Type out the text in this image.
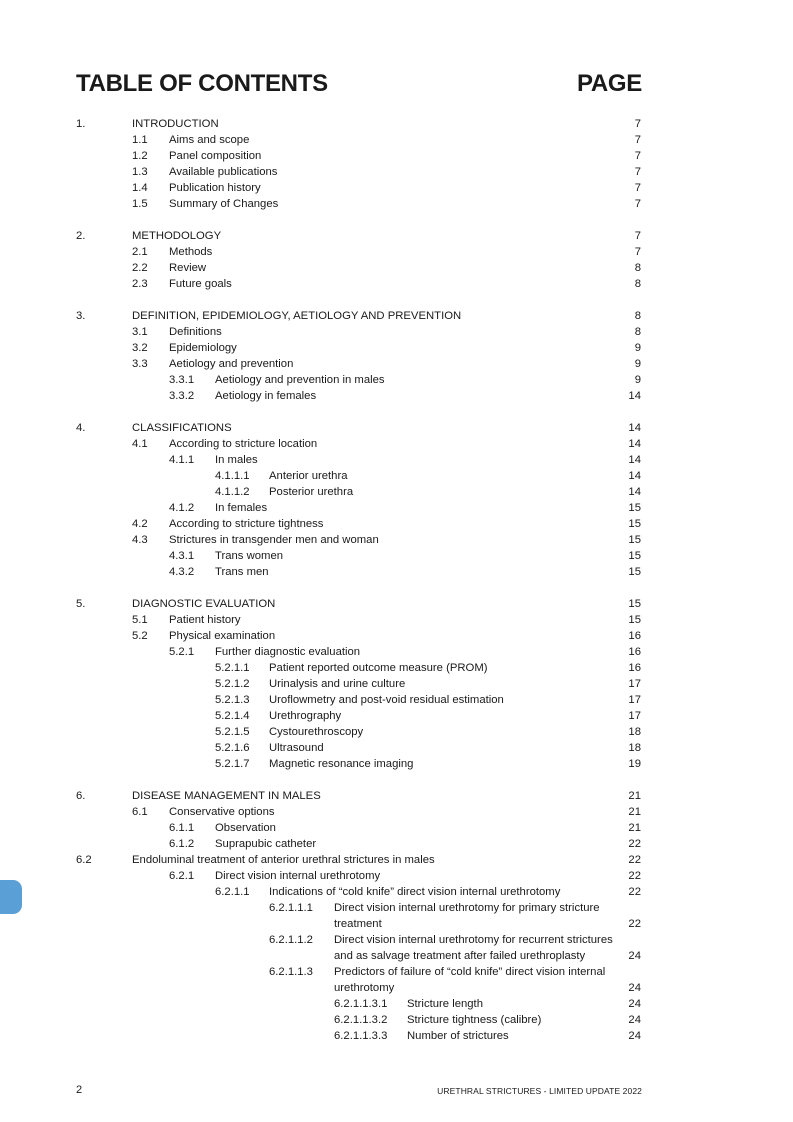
TABLE OF CONTENTS	PAGE
1.	INTRODUCTION	7
1.1 Aims and scope	7
1.2 Panel composition	7
1.3 Available publications	7
1.4 Publication history	7
1.5 Summary of Changes	7
2.	METHODOLOGY	7
2.1 Methods	7
2.2 Review	8
2.3 Future goals	8
3.	DEFINITION, EPIDEMIOLOGY, AETIOLOGY AND PREVENTION	8
3.1 Definitions	8
3.2 Epidemiology	9
3.3 Aetiology and prevention	9
3.3.1 Aetiology and prevention in males	9
3.3.2 Aetiology in females	14
4.	CLASSIFICATIONS	14
4.1 According to stricture location	14
4.1.1 In males	14
4.1.1.1 Anterior urethra	14
4.1.1.2 Posterior urethra	14
4.1.2 In females	15
4.2 According to stricture tightness	15
4.3 Strictures in transgender men and woman	15
4.3.1 Trans women	15
4.3.2 Trans men	15
5.	DIAGNOSTIC EVALUATION	15
5.1 Patient history	15
5.2 Physical examination	16
5.2.1 Further diagnostic evaluation	16
5.2.1.1 Patient reported outcome measure (PROM)	16
5.2.1.2 Urinalysis and urine culture	17
5.2.1.3 Uroflowmetry and post-void residual estimation	17
5.2.1.4 Urethrography	17
5.2.1.5 Cystourethroscopy	18
5.2.1.6 Ultrasound	18
5.2.1.7 Magnetic resonance imaging	19
6.	DISEASE MANAGEMENT IN MALES	21
6.1 Conservative options	21
6.1.1 Observation	21
6.1.2 Suprapubic catheter	22
6.2	Endoluminal treatment of anterior urethral strictures in males	22
6.2.1 Direct vision internal urethrotomy	22
6.2.1.1 Indications of “cold knife” direct vision internal urethrotomy	22
6.2.1.1.1 Direct vision internal urethrotomy for primary stricture treatment	22
6.2.1.1.2 Direct vision internal urethrotomy for recurrent strictures and as salvage treatment after failed urethroplasty	24
6.2.1.1.3 Predictors of failure of “cold knife” direct vision internal urethrotomy	24
6.2.1.1.3.1 Stricture length	24
6.2.1.1.3.2 Stricture tightness (calibre)	24
6.2.1.1.3.3 Number of strictures	24
2	URETHRAL STRICTURES - LIMITED UPDATE 2022
